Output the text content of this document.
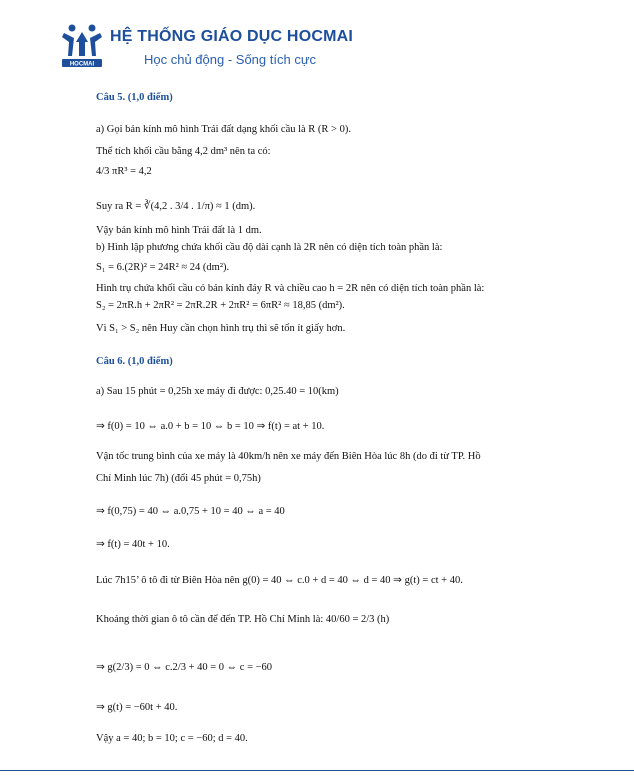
HOCMAI
HỆ THỐNG GIÁO DỤC HOCMAI
Học chủ động - Sống tích cực
Câu 5. (1,0 điểm)
a) Gọi bán kính mô hình Trái đất dạng khối cầu là R (R > 0).
Thể tích khối cầu bằng 4,2 dm³ nên ta có:
4/3 πR³ = 4,2
Suy ra R = ∛(4,2 . 3/4 . 1/π) ≈ 1 (dm).
Vậy bán kính mô hình Trái đất là 1 dm.
b) Hình lập phương chứa khối cầu độ dài cạnh là 2R nên có diện tích toàn phần là:
S₁ = 6.(2R)² = 24R² ≈ 24 (dm²).
Hình trụ chứa khối cầu có bán kính đáy R và chiều cao h = 2R nên có diện tích toàn phần là:
S₂ = 2πR.h + 2πR² = 2πR.2R + 2πR² = 6πR² ≈ 18,85 (dm²).
Vì S₁ > S₂ nên Huy cần chọn hình trụ thì sẽ tốn ít giấy hơn.
Câu 6. (1,0 điểm)
a) Sau 15 phút = 0,25h xe máy đi được: 0,25.40 = 10(km)
⇒ f(0) = 10 ⇔ a.0 + b = 10 ⇔ b = 10 ⇒ f(t) = at + 10.
Vận tốc trung bình của xe máy là 40km/h nên xe máy đến Biên Hòa lúc 8h (do đi từ TP. Hồ
Chí Minh lúc 7h) (đổi 45 phút = 0,75h)
⇒ f(0,75) = 40 ⇔ a.0,75 + 10 = 40 ⇔ a = 40
⇒ f(t) = 40t + 10.
Lúc 7h15’ ô tô đi từ Biên Hòa nên g(0) = 40 ⇔ c.0 + d = 40 ⇔ d = 40 ⇒ g(t) = ct + 40.
Khoảng thời gian ô tô cần để đến TP. Hồ Chí Minh là: 40/60 = 2/3 (h)
⇒ g(2/3) = 0 ⇔ c.2/3 + 40 = 0 ⇔ c = −60
⇒ g(t) = −60t + 40.
Vậy a = 40; b = 10; c = −60; d = 40.
